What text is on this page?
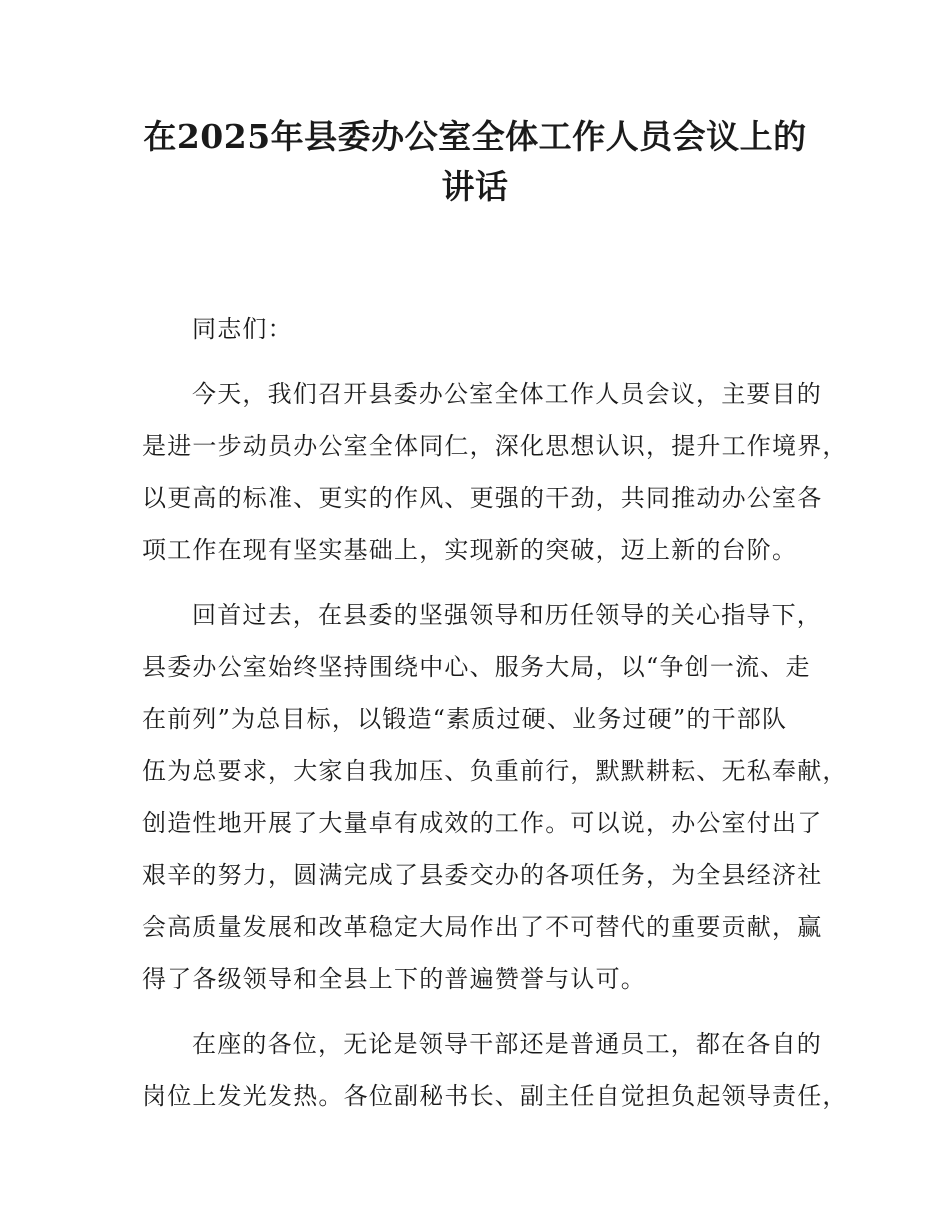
在2025年县委办公室全体工作人员会议上的
讲话
同志们：
今天，我们召开县委办公室全体工作人员会议，主要目的
是进一步动员办公室全体同仁，深化思想认识，提升工作境界，
以更高的标准、更实的作风、更强的干劲，共同推动办公室各
项工作在现有坚实基础上，实现新的突破，迈上新的台阶。
回首过去，在县委的坚强领导和历任领导的关心指导下，
县委办公室始终坚持围绕中心、服务大局，以“争创一流、走
在前列”为总目标，以锻造“素质过硬、业务过硬”的干部队
伍为总要求，大家自我加压、负重前行，默默耕耘、无私奉献，
创造性地开展了大量卓有成效的工作。可以说，办公室付出了
艰辛的努力，圆满完成了县委交办的各项任务，为全县经济社
会高质量发展和改革稳定大局作出了不可替代的重要贡献，赢
得了各级领导和全县上下的普遍赞誉与认可。
在座的各位，无论是领导干部还是普通员工，都在各自的
岗位上发光发热。各位副秘书长、副主任自觉担负起领导责任，
